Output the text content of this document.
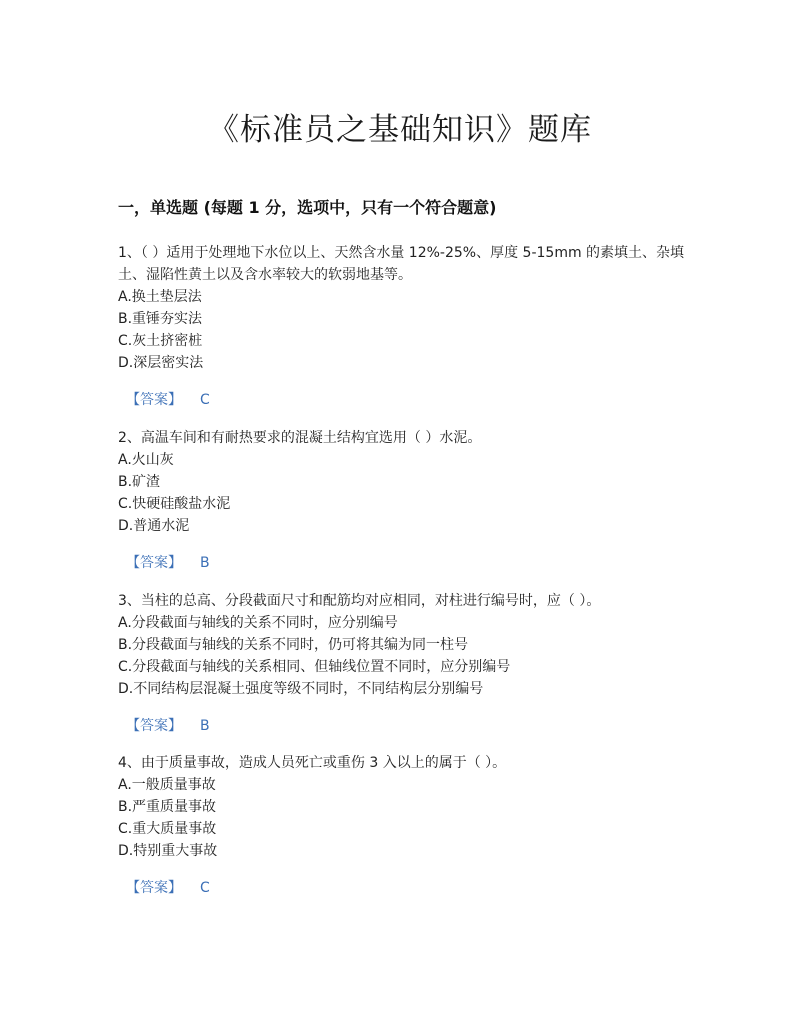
《标准员之基础知识》题库
一，单选题 (每题 1 分，选项中，只有一个符合题意)

1、（ ）适用于处理地下水位以上、天然含水量 12%-25%、厚度 5-15mm 的素填土、杂填土、湿陷性黄土以及含水率较大的软弱地基等。

A.换土垫层法

B.重锤夯实法

C.灰土挤密桩

D.深层密实法

【答案】 C

2、高温车间和有耐热要求的混凝土结构宜选用（ ）水泥。

A.火山灰

B.矿渣

C.快硬硅酸盐水泥

D.普通水泥

【答案】 B

3、当柱的总高、分段截面尺寸和配筋均对应相同，对柱进行编号时，应（ ）。

A.分段截面与轴线的关系不同时，应分别编号

B.分段截面与轴线的关系不同时，仍可将其编为同一柱号

C.分段截面与轴线的关系相同、但轴线位置不同时，应分别编号

D.不同结构层混凝土强度等级不同时，不同结构层分别编号

【答案】 B

4、由于质量事故，造成人员死亡或重伤 3 入以上的属于（ ）。

A.一般质量事故

B.严重质量事故

C.重大质量事故

D.特别重大事故

【答案】 C
